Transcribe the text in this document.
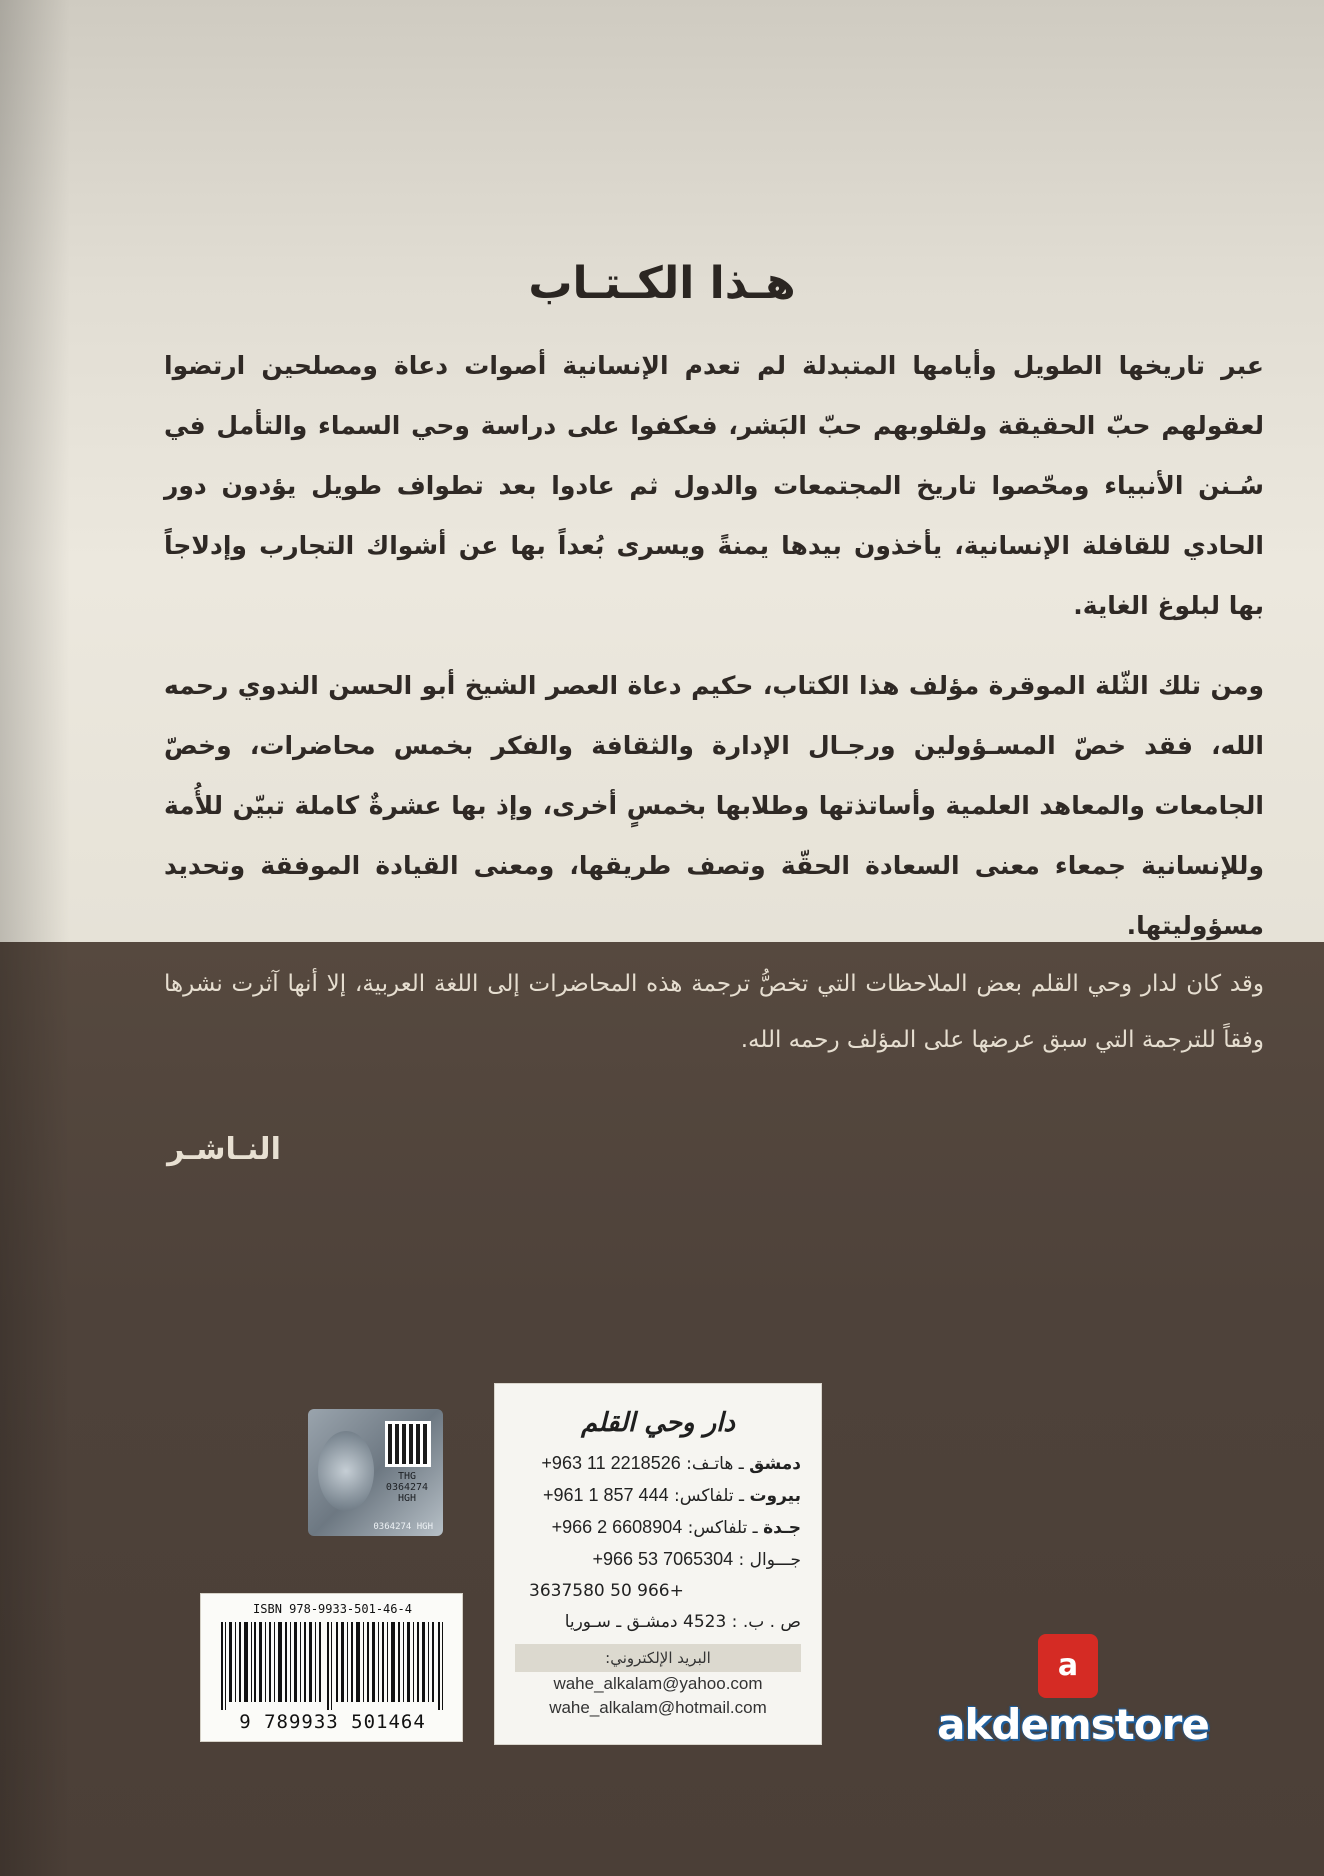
هـذا الكـتـاب

عبر تاريخها الطويل وأيامها المتبدلة لم تعدم الإنسانية أصوات دعاة ومصلحين ارتضوا لعقولهم حبّ الحقيقة ولقلوبهم حبّ البَشر، فعكفوا على دراسة وحي السماء والتأمل في سُـنن الأنبياء ومحّصوا تاريخ المجتمعات والدول ثم عادوا بعد تطواف طويل يؤدون دور الحادي للقافلة الإنسانية، يأخذون بيدها يمنةً ويسرى بُعداً بها عن أشواك التجارب وإدلاجاً بها لبلوغ الغاية.

ومن تلك الثّلة الموقرة مؤلف هذا الكتاب، حكيم دعاة العصر الشيخ أبو الحسن الندوي رحمه الله، فقد خصّ المسـؤولين ورجـال الإدارة والثقافة والفكر بخمس محاضرات، وخصّ الجامعات والمعاهد العلمية وأساتذتها وطلابها بخمسٍ أخرى، وإذ بها عشرةٌ كاملة تبيّن للأُمة وللإنسانية جمعاء معنى السعادة الحقّة وتصف طريقها، ومعنى القيادة الموفقة وتحديد مسؤوليتها.

وقد كان لدار وحي القلم بعض الملاحظات التي تخصُّ ترجمة هذه المحاضرات إلى اللغة العربية، إلا أنها آثرت نشرها وفقاً للترجمة التي سبق عرضها على المؤلف رحمه الله.

النـاشـر
THG
0364274
HGH
0364274 HGH
ISBN 978-9933-501-46-4
9 789933 501464
دار وحي القلم
دمشق ـ هاتـف: +963 11 2218526
بيروت ـ تلفاكس: +961 1 857 444
جـدة ـ تلفاكس: +966 2 6608904
جـــوال : +966 53 7065304
+966 50 3637580
ص . ب. : 4523 دمشـق ـ سـوريا
البريد الإلكتروني:
wahe_alkalam@yahoo.com
wahe_alkalam@hotmail.com
a
akdemstore
